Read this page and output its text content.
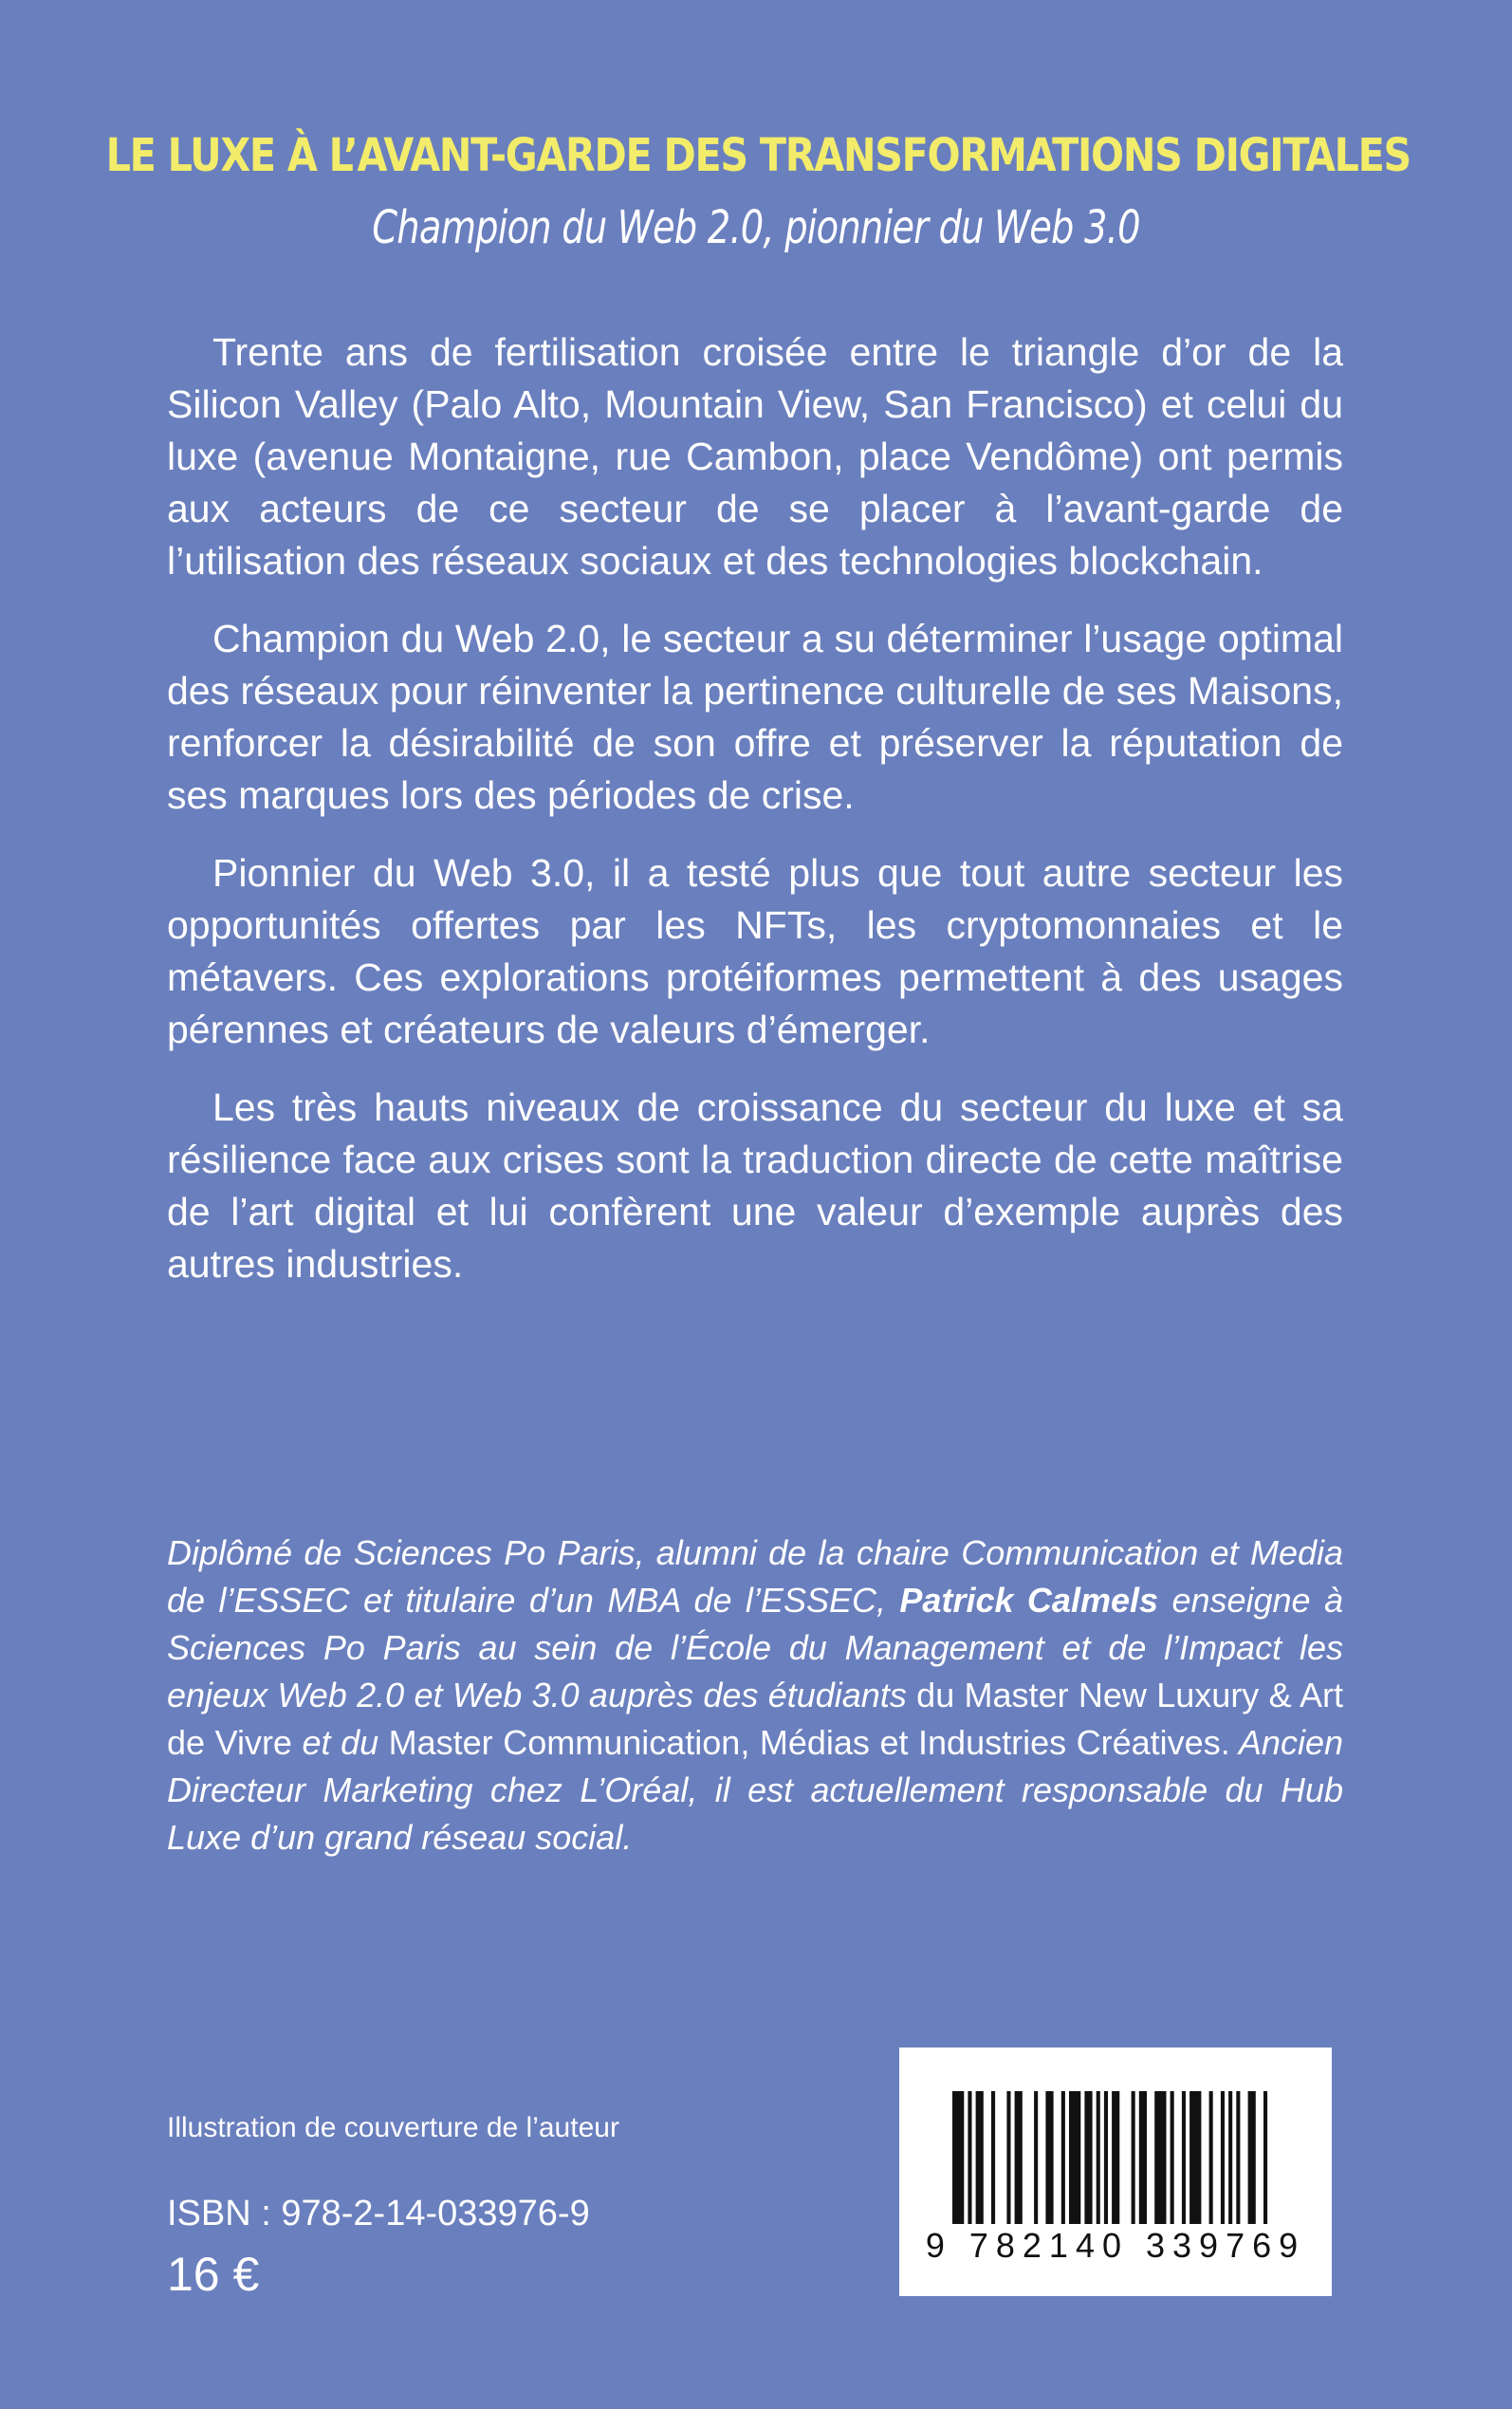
LE LUXE À L’AVANT-GARDE DES TRANSFORMATIONS DIGITALES
Champion du Web 2.0, pionnier du Web 3.0

Trente ans de fertilisation croisée entre le triangle d’or de la Silicon Valley (Palo Alto, Mountain View, San Francisco) et celui du luxe (avenue Montaigne, rue Cambon, place Vendôme) ont permis aux acteurs de ce secteur de se placer à l’avant-garde de l’utilisation des réseaux sociaux et des technologies blockchain.

Champion du Web 2.0, le secteur a su déterminer l’usage optimal des réseaux pour réinventer la pertinence culturelle de ses Maisons, renforcer la désirabilité de son offre et préserver la réputation de ses marques lors des périodes de crise.

Pionnier du Web 3.0, il a testé plus que tout autre secteur les opportunités offertes par les NFTs, les cryptomonnaies et le métavers. Ces explorations protéiformes permettent à des usages pérennes et créateurs de valeurs d’émerger.

Les très hauts niveaux de croissance du secteur du luxe et sa résilience face aux crises sont la traduction directe de cette maîtrise de l’art digital et lui confèrent une valeur d’exemple auprès des autres industries.

Diplômé de Sciences Po Paris, alumni de la chaire Communication et Media de l’ESSEC et titulaire d’un MBA de l’ESSEC, Patrick Calmels enseigne à Sciences Po Paris au sein de l’École du Management et de l’Impact les enjeux Web 2.0 et Web 3.0 auprès des étudiants du Master New Luxury & Art de Vivre et du Master Communication, Médias et Industries Créatives. Ancien Directeur Marketing chez L’Oréal, il est actuellement responsable du Hub Luxe d’un grand réseau social.
Illustration de couverture de l’auteur
ISBN : 978-2-14-033976-9
16 €
9 782140 339769
